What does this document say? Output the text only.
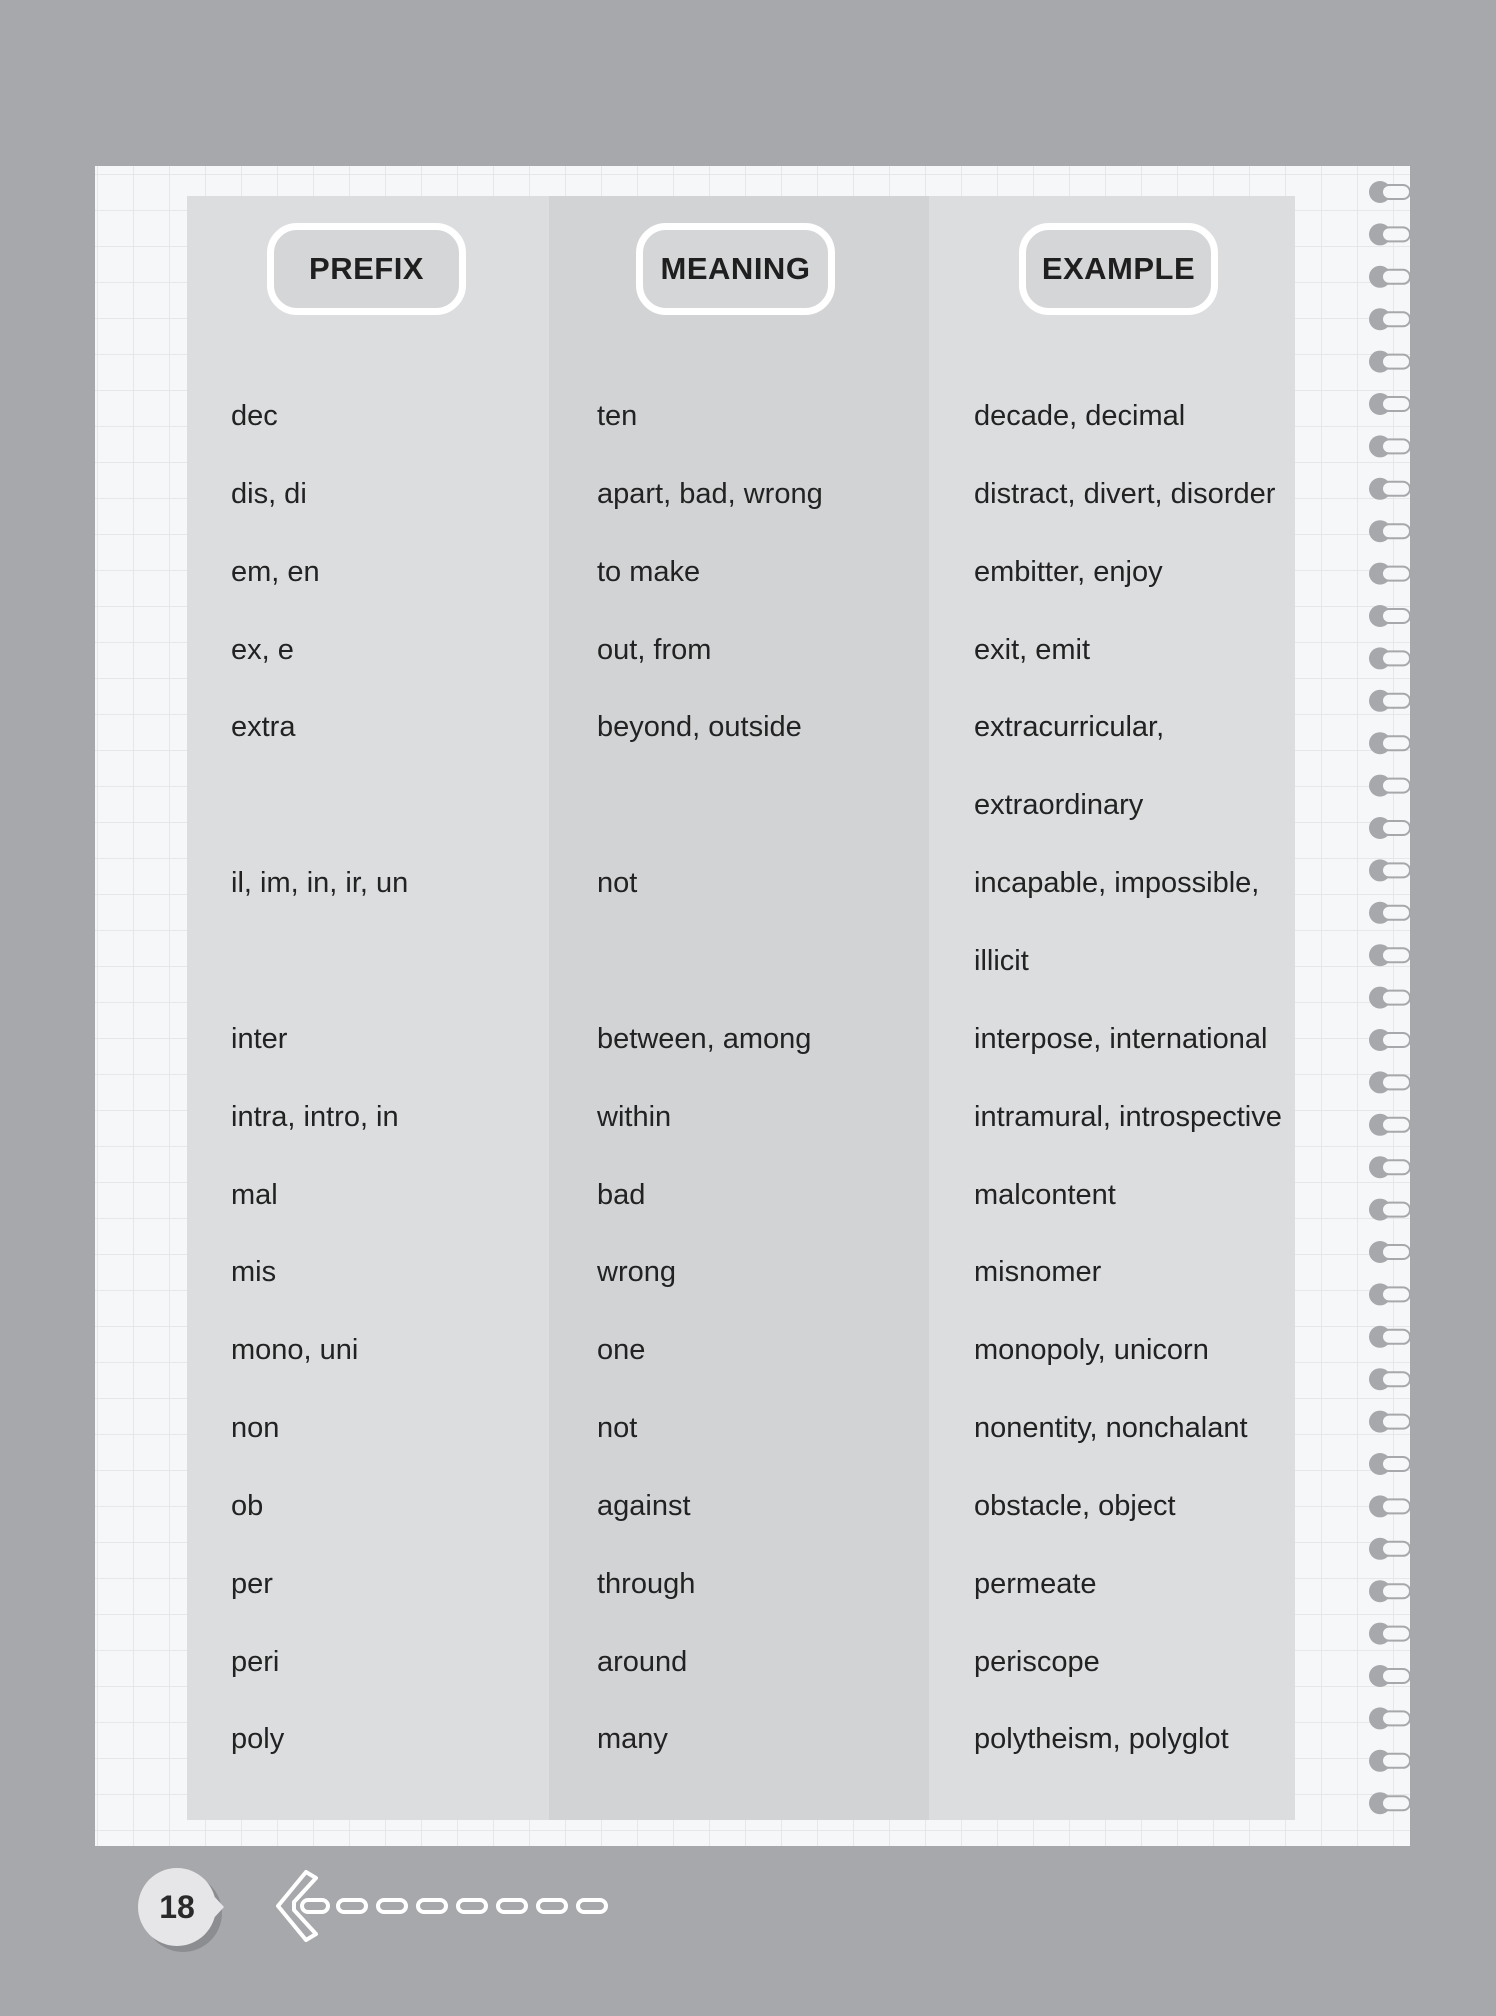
PREFIX
dec
dis, di
em, en
ex, e
extra
il, im, in, ir, un
inter
intra, intro, in
mal
mis
mono, uni
non
ob
per
peri
poly
MEANING
ten
apart, bad, wrong
to make
out, from
beyond, outside
not
between, among
within
bad
wrong
one
not
against
through
around
many
EXAMPLE
decade, decimal
distract, divert, disorder
embitter, enjoy
exit, emit
extracurricular,
extraordinary
incapable, impossible,
illicit
interpose, international
intramural, introspective
malcontent
misnomer
monopoly, unicorn
nonentity, nonchalant
obstacle, object
permeate
periscope
polytheism, polyglot
18
